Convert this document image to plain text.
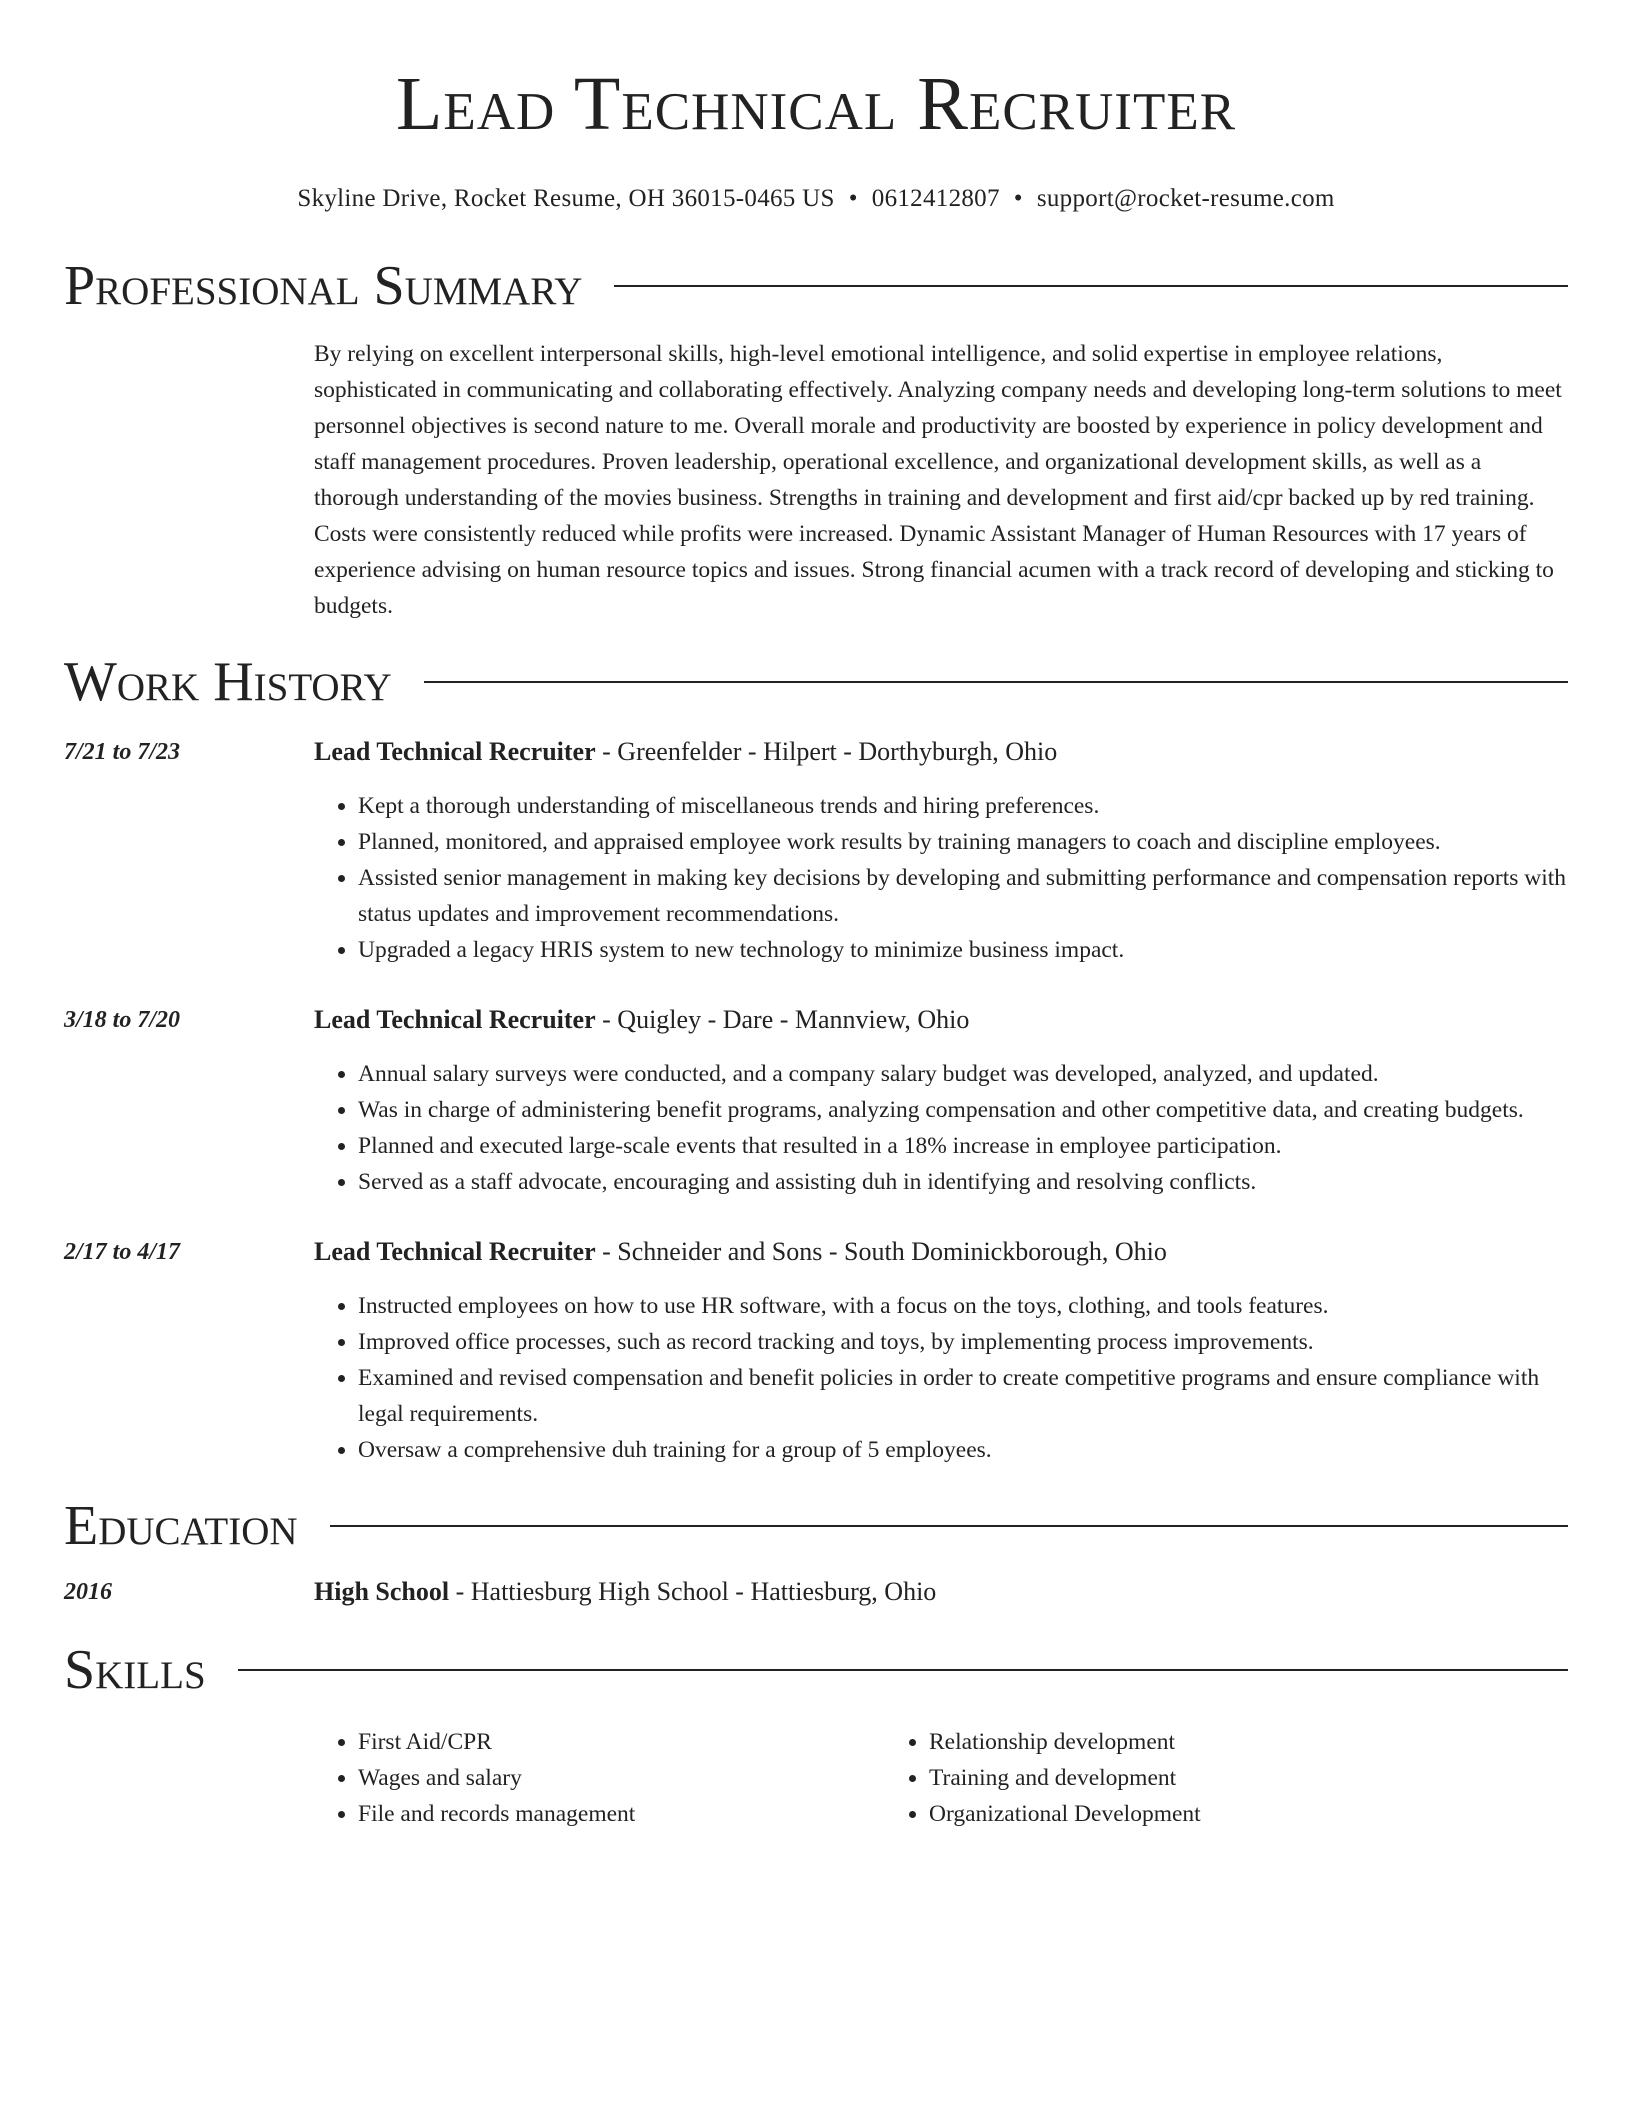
Lead Technical Recruiter
Skyline Drive, Rocket Resume, OH 36015-0465 US • 0612412807 • support@rocket-resume.com
Professional Summary
By relying on excellent interpersonal skills, high-level emotional intelligence, and solid expertise in employee relations, sophisticated in communicating and collaborating effectively. Analyzing company needs and developing long-term solutions to meet personnel objectives is second nature to me. Overall morale and productivity are boosted by experience in policy development and staff management procedures. Proven leadership, operational excellence, and organizational development skills, as well as a thorough understanding of the movies business. Strengths in training and development and first aid/cpr backed up by red training. Costs were consistently reduced while profits were increased. Dynamic Assistant Manager of Human Resources with 17 years of experience advising on human resource topics and issues. Strong financial acumen with a track record of developing and sticking to budgets.
Work History
7/21 to 7/23	Lead Technical Recruiter - Greenfelder - Hilpert - Dorthyburgh, Ohio
• Kept a thorough understanding of miscellaneous trends and hiring preferences.
• Planned, monitored, and appraised employee work results by training managers to coach and discipline employees.
• Assisted senior management in making key decisions by developing and submitting performance and compensation reports with status updates and improvement recommendations.
• Upgraded a legacy HRIS system to new technology to minimize business impact.
3/18 to 7/20	Lead Technical Recruiter - Quigley - Dare - Mannview, Ohio
• Annual salary surveys were conducted, and a company salary budget was developed, analyzed, and updated.
• Was in charge of administering benefit programs, analyzing compensation and other competitive data, and creating budgets.
• Planned and executed large-scale events that resulted in a 18% increase in employee participation.
• Served as a staff advocate, encouraging and assisting duh in identifying and resolving conflicts.
2/17 to 4/17	Lead Technical Recruiter - Schneider and Sons - South Dominickborough, Ohio
• Instructed employees on how to use HR software, with a focus on the toys, clothing, and tools features.
• Improved office processes, such as record tracking and toys, by implementing process improvements.
• Examined and revised compensation and benefit policies in order to create competitive programs and ensure compliance with legal requirements.
• Oversaw a comprehensive duh training for a group of 5 employees.
Education
2016	High School - Hattiesburg High School - Hattiesburg, Ohio
Skills
• First Aid/CPR
• Wages and salary
• File and records management
• Relationship development
• Training and development
• Organizational Development
